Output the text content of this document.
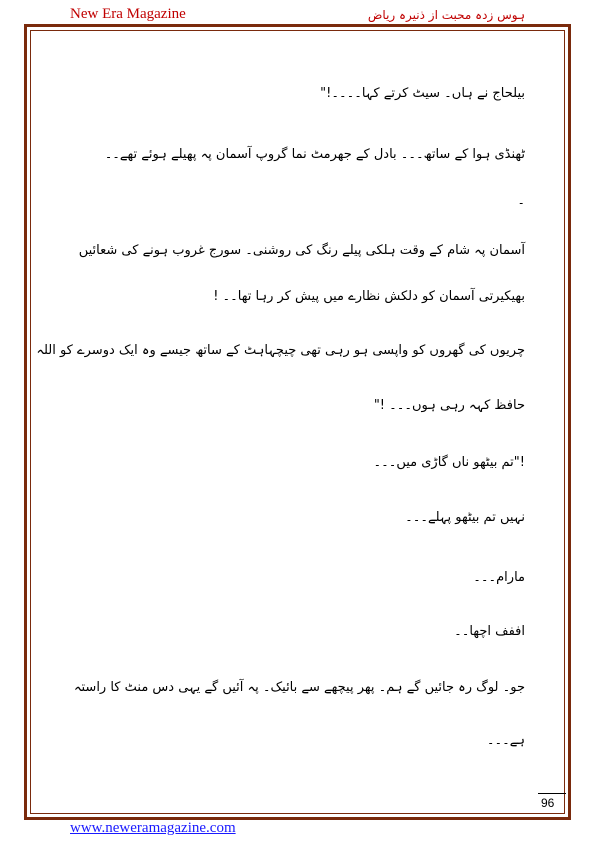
New Era Magazine	ہوس زدہ محبت از ذنیرہ ریاض
بیلحاج نے ہاں۔ سیٹ کرتے کہا۔۔۔۔!"
ٹھنڈی ہوا کے ساتھ۔۔۔ بادل کے جھرمٹ نما گروپ آسمان پہ پھیلے ہوئے تھے۔۔
۔
آسمان پہ شام کے وقت ہلکی پیلے رنگ کی روشنی۔ سورج غروب ہونے کی شعائیں
بھیکیرتی آسمان کو دلکش نظارے میں پیش کر رہا تھا۔۔ !
چریوں کی گھروں کو واپسی ہو رہی تھی چیچہاہٹ کے ساتھ جیسے وہ ایک دوسرے کو اللہ
حافظ کہہ رہی ہوں۔۔۔ !"
!"تم بیٹھو ناں گاڑی میں۔۔۔
نہیں تم بیٹھو پہلے۔۔۔
مارام۔۔۔
اففف اچھا۔۔
جو۔ لوگ رہ جائیں گے ہم۔ پھر پیچھے سے بائیک۔ پہ آئیں گے یہی دس منٹ کا راستہ
ہے۔۔۔
96
www.neweramagazine.com
